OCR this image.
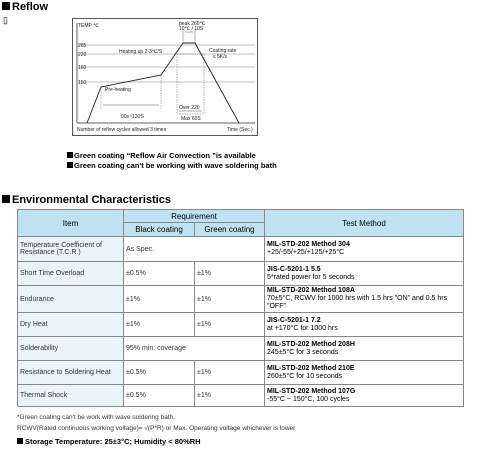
Reflow
▯
TEMP ℃
265
220
160
150
peak 260℃
10℃ / 10S
Heating up 2-3℃/S	Coating rate
≤ 5K/s
Pre-heating
90s~120S
Over 220
Max 60S
Number of reflow cycles allowed 3 times	Time (Sec.)
Green coating “Reflow Air Convection ”is available
Green coating can't be working with wave soldering bath
Environmental Characteristics
Item	Requirement		Test Method
	Black coating	Green coating	
Temperature Coefficient of Resistance (T.C.R.)	As Spec.		MIL-STD-202 Method 304
+25/-55/+25/+125/+25°C
Short Time Overload	±0.5%	±1%	JIS-C-5201-1 5.5
5*rated power for 5 seconds
Endurance	±1%	±1%	MIL-STD-202 Method 108A
70±5°C, RCWV for 1000 hrs with 1.5 hrs "ON" and 0.5 hrs "OFF"
Dry Heat	±1%	±1%	JIS-C-5201-1 7.2
at +170°C for 1000 hrs
Solderability	95% min. coverage		MIL-STD-202 Method 208H
245±5°C for 3 seconds
Resistance to Soldering Heat	±0.5%	±1%	MIL-STD-202 Method 210E
260±5°C for 10 seconds
Thermal Shock	±0.5%	±1%	MIL-STD-202 Method 107G
-55°C ~ 150°C, 100 cycles
*Green coating can't be work with wave soldering bath.
RCWV(Rated continuous working voltage)= √(P*R) or Max. Operating voltage whichever is lower
Storage Temperature: 25±3°C; Humidity < 80%RH
